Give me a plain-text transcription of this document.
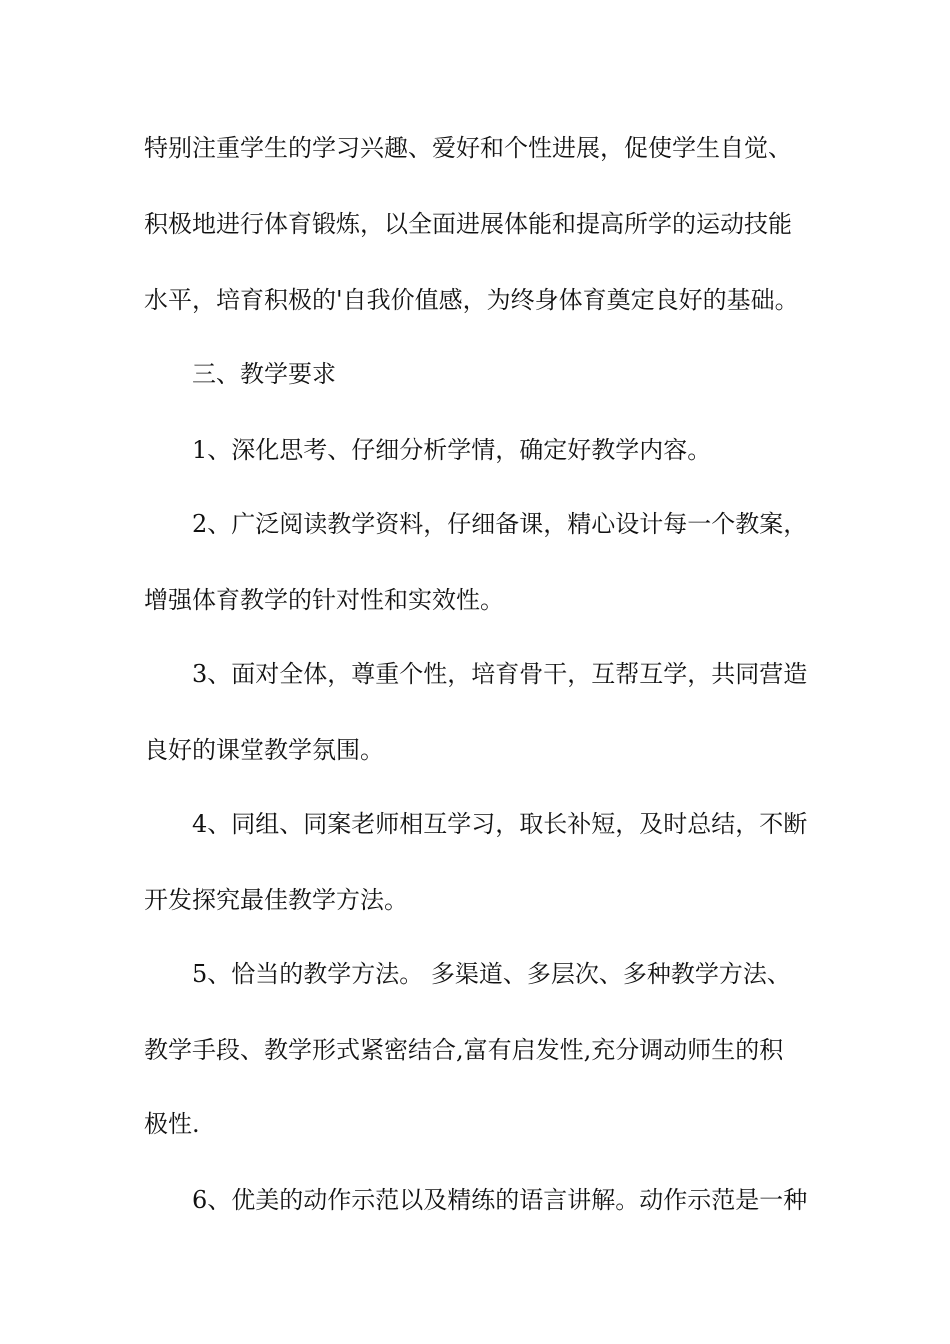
特别注重学生的学习兴趣、爱好和个性进展，促使学生自觉、
积极地进行体育锻炼，以全面进展体能和提高所学的运动技能
水平，培育积极的'自我价值感，为终身体育奠定良好的基础。
三、教学要求
1、深化思考、仔细分析学情，确定好教学内容。
2、广泛阅读教学资料，仔细备课，精心设计每一个教案，
增强体育教学的针对性和实效性。
3、面对全体，尊重个性，培育骨干，互帮互学，共同营造
良好的课堂教学氛围。
4、同组、同案老师相互学习，取长补短，及时总结，不断
开发探究最佳教学方法。
5、恰当的教学方法。 多渠道、多层次、多种教学方法、
教学手段、教学形式紧密结合,富有启发性,充分调动师生的积
极性.
6、优美的动作示范以及精练的语言讲解。动作示范是一种
